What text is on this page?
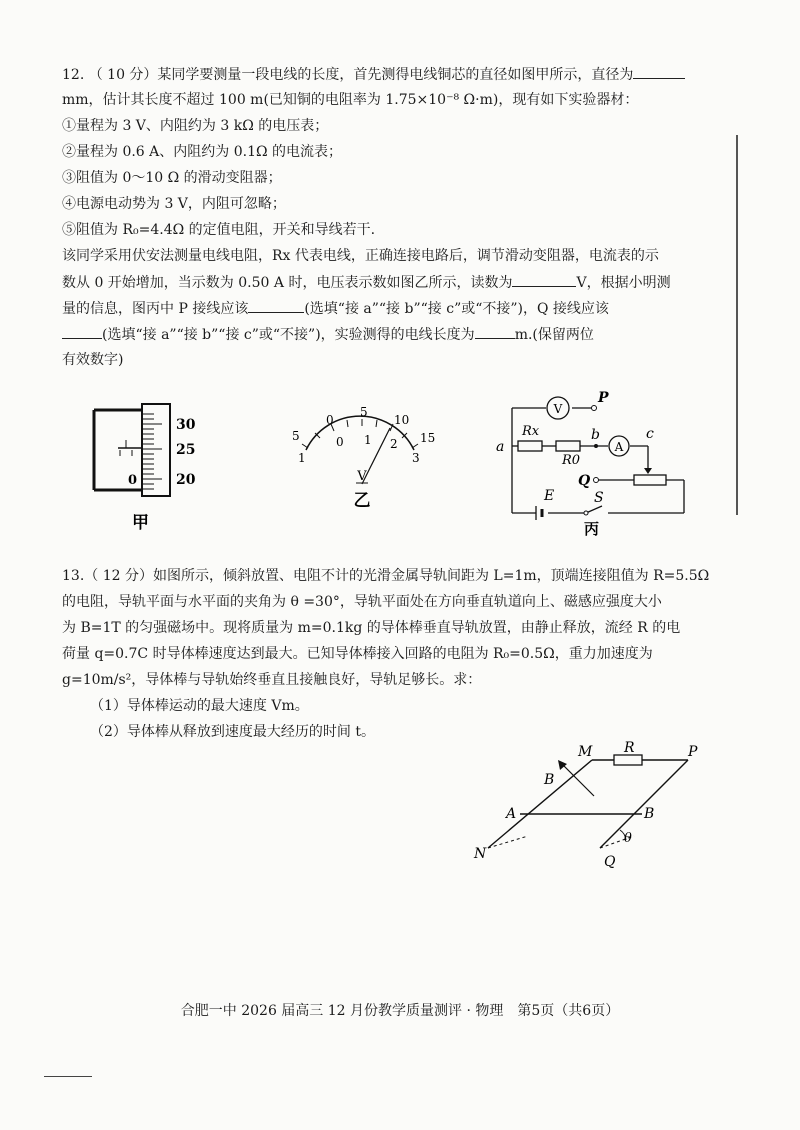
12. （ 10 分）某同学要测量一段电线的长度，首先测得电线铜芯的直径如图甲所示，直径为
mm，估计其长度不超过 100 m(已知铜的电阻率为 1.75×10⁻⁸ Ω·m)，现有如下实验器材：
①量程为 3 V、内阻约为 3 kΩ 的电压表；
②量程为 0.6 A、内阻约为 0.1Ω 的电流表；
③阻值为 0～10 Ω 的滑动变阻器；
④电源电动势为 3 V，内阻可忽略；
⑤阻值为 R₀=4.4Ω 的定值电阻，开关和导线若干.
该同学采用伏安法测量电线电阻，Rx 代表电线，正确连接电路后，调节滑动变阻器，电流表的示
数从 0 开始增加，当示数为 0.50 A 时，电压表示数如图乙所示，读数为	V，根据小明测
量的信息，图丙中 P 接线应该	(选填“接 a”“接 b”“接 c”或“不接”)，Q 接线应该
(选填“接 a”“接 b”“接 c”或“不接”)，实验测得的电线长度为	m.(保留两位
有效数字)
0
30
25
20
甲
5
0
5
10
15
1
0 1 2
3
V
乙
V
P
Rx
R0
a
b
A
c
Q
E	S
丙
13.（ 12 分）如图所示，倾斜放置、电阻不计的光滑金属导轨间距为 L=1m，顶端连接阻值为 R=5.5Ω
的电阻，导轨平面与水平面的夹角为 θ =30°，导轨平面处在方向垂直轨道向上、磁感应强度大小
为 B=1T 的匀强磁场中。现将质量为 m=0.1kg 的导体棒垂直导轨放置，由静止释放，流经 R 的电
荷量 q=0.7C 时导体棒速度达到最大。已知导体棒接入回路的电阻为 R₀=0.5Ω，重力加速度为
g=10m/s²，导体棒与导轨始终垂直且接触良好，导轨足够长。求：
（1）导体棒运动的最大速度 Vm。
（2）导体棒从释放到速度最大经历的时间 t。
M R	P
B
A	B
N	Q
θ
合肥一中 2026 届高三 12 月份教学质量测评 · 物理　第5页（共6页）
